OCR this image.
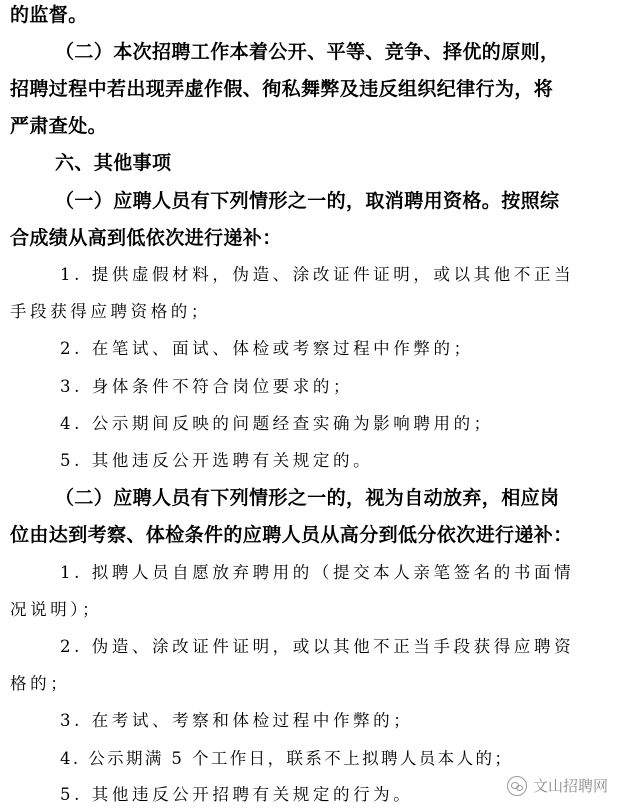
的监督。
（二）本次招聘工作本着公开、平等、竞争、择优的原则，
招聘过程中若出现弄虚作假、徇私舞弊及违反组织纪律行为，将
严肃查处。
六、其他事项
（一）应聘人员有下列情形之一的，取消聘用资格。按照综
合成绩从高到低依次进行递补：
1. 提供虚假材料，伪造、涂改证件证明，或以其他不正当
手段获得应聘资格的；
2. 在笔试、面试、体检或考察过程中作弊的；
3. 身体条件不符合岗位要求的；
4. 公示期间反映的问题经查实确为影响聘用的；
5. 其他违反公开选聘有关规定的。
（二）应聘人员有下列情形之一的，视为自动放弃，相应岗
位由达到考察、体检条件的应聘人员从高分到低分依次进行递补：
1. 拟聘人员自愿放弃聘用的（提交本人亲笔签名的书面情
况说明）；
2. 伪造、涂改证件证明，或以其他不正当手段获得应聘资
格的；
3. 在考试、考察和体检过程中作弊的；
4. 公示期满 5 个工作日，联系不上拟聘人员本人的；
5. 其他违反公开招聘有关规定的行为。	文山招聘网
